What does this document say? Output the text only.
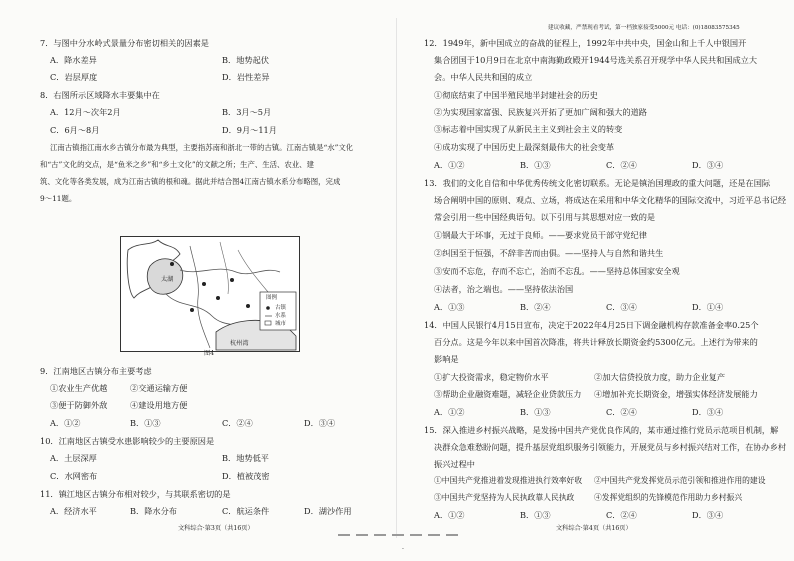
7．与图中分水岭式景量分布密切相关的因素是
A．降水差异	B．地势起伏
C．岩层厚度	D．岩性差异
8．右图所示区域降水丰要集中在
A．12月～次年2月	B．3月～5月
C．6月～8月	D．9月～11月
江南古镇指江南水乡古镇分布最为典型，主要指苏南和浙北一带的古镇。江南古镇是“水”文化
和“古”文化的交点，是“鱼米之乡”和“乡土文化”的文献之所；生产、生活、农业、建
筑、文化等各类发展，成为江南古镇的根和魂。据此并结合图4江南古镇水系分布略图，完成
9～11题。
太湖
杭州湾
图例
古镇
水系
城市
图4
9．江南地区古镇分布主要考虑
①农业生产优越	②交通运输方便
③便于防御外敌	④建设用地方便
A．①②	B．①③	C．②④	D．③④
10．江南地区古镇受水患影响较少的主要原因是
A．土层深厚	B．地势低平
C．水网密布	D．植被茂密
11．镇江地区古镇分布相对较少，与其联系密切的是
A．经济水平	B．降水分布	C．航运条件	D．湖沙作用
文科综合·第3页（共16页）
建议收藏，严禁现看考试，第一档独家接受5000元 电话：(0)18083575345
12．1949年，新中国成立的奋战的征程上，1992年中共中央，国金山和上千人中银国开
集合团国于10月9日在北京中南海勤政殿开1944号选关系召开现学中华人民共和国成立大
会。中华人民共和国的成立
①彻底结束了中国半殖民地半封建社会的历史
②为实现国家富强、民族复兴开拓了更加广阔和强大的道路
③标志着中国实现了从新民主主义到社会主义的转变
④成功实现了中国历史上最深刻最伟大的社会变革
A．①②	B．①③	C．②④	D．③④
13．我们的文化自信和中华优秀传统文化密切联系。无论是镇治国理政的重大问题，还是在国际
场合阐明中国的原则、观点、立场，将成达在采用和中华文化精华的国际交流中，习近平总书记经
常会引用一些中国经典语句。以下引用与其思想对应一致的是
①钢最大于坏事，无过于良师。——要求党员干部守党纪律
②纠国至于恒强，不辞非苦而由俱。——坚持人与自然和谐共生
③安而不忘危，存而不忘亡，治而不忘乱。——坚持总体国家安全观
④法者，治之端也。——坚持依法治国
A．①③	B．②④	C．③④	D．①④
14．中国人民银行4月15日宣布，决定于2022年4月25日下调金融机构存款准备金率0.25个
百分点。这是今年以来中国首次降准，将共计释放长期资金约5300亿元。上述行为带来的
影响是
①扩大投资需求，稳定物价水平	②加大信贷投放力度，助力企业复产
③帮助企业融资难题，减轻企业贷款压力 ④增加补充长期资金，增强实体经济发展能力
A．①②	B．①③	C．②④	D．③④
15．深入推进乡村振兴战略，是发扬中国共产党优良作风的，某市通过推行党员示范项目机制，解
决群众急难愁盼问题，提升基层党组织服务引领能力，开展党员与乡村振兴结对工作，在协办乡村
振兴过程中
①中国共产党推进着发现推进执行效率好收 ②中国共产党发挥党员示范引领和推进作用的建设
③中国共产党坚持为人民执政靠人民执政	④发挥党组织的先锋模范作用助力乡村振兴
A．①②	B．①③	C．②④	D．③④
文科综合·第4页（共16页）
·
